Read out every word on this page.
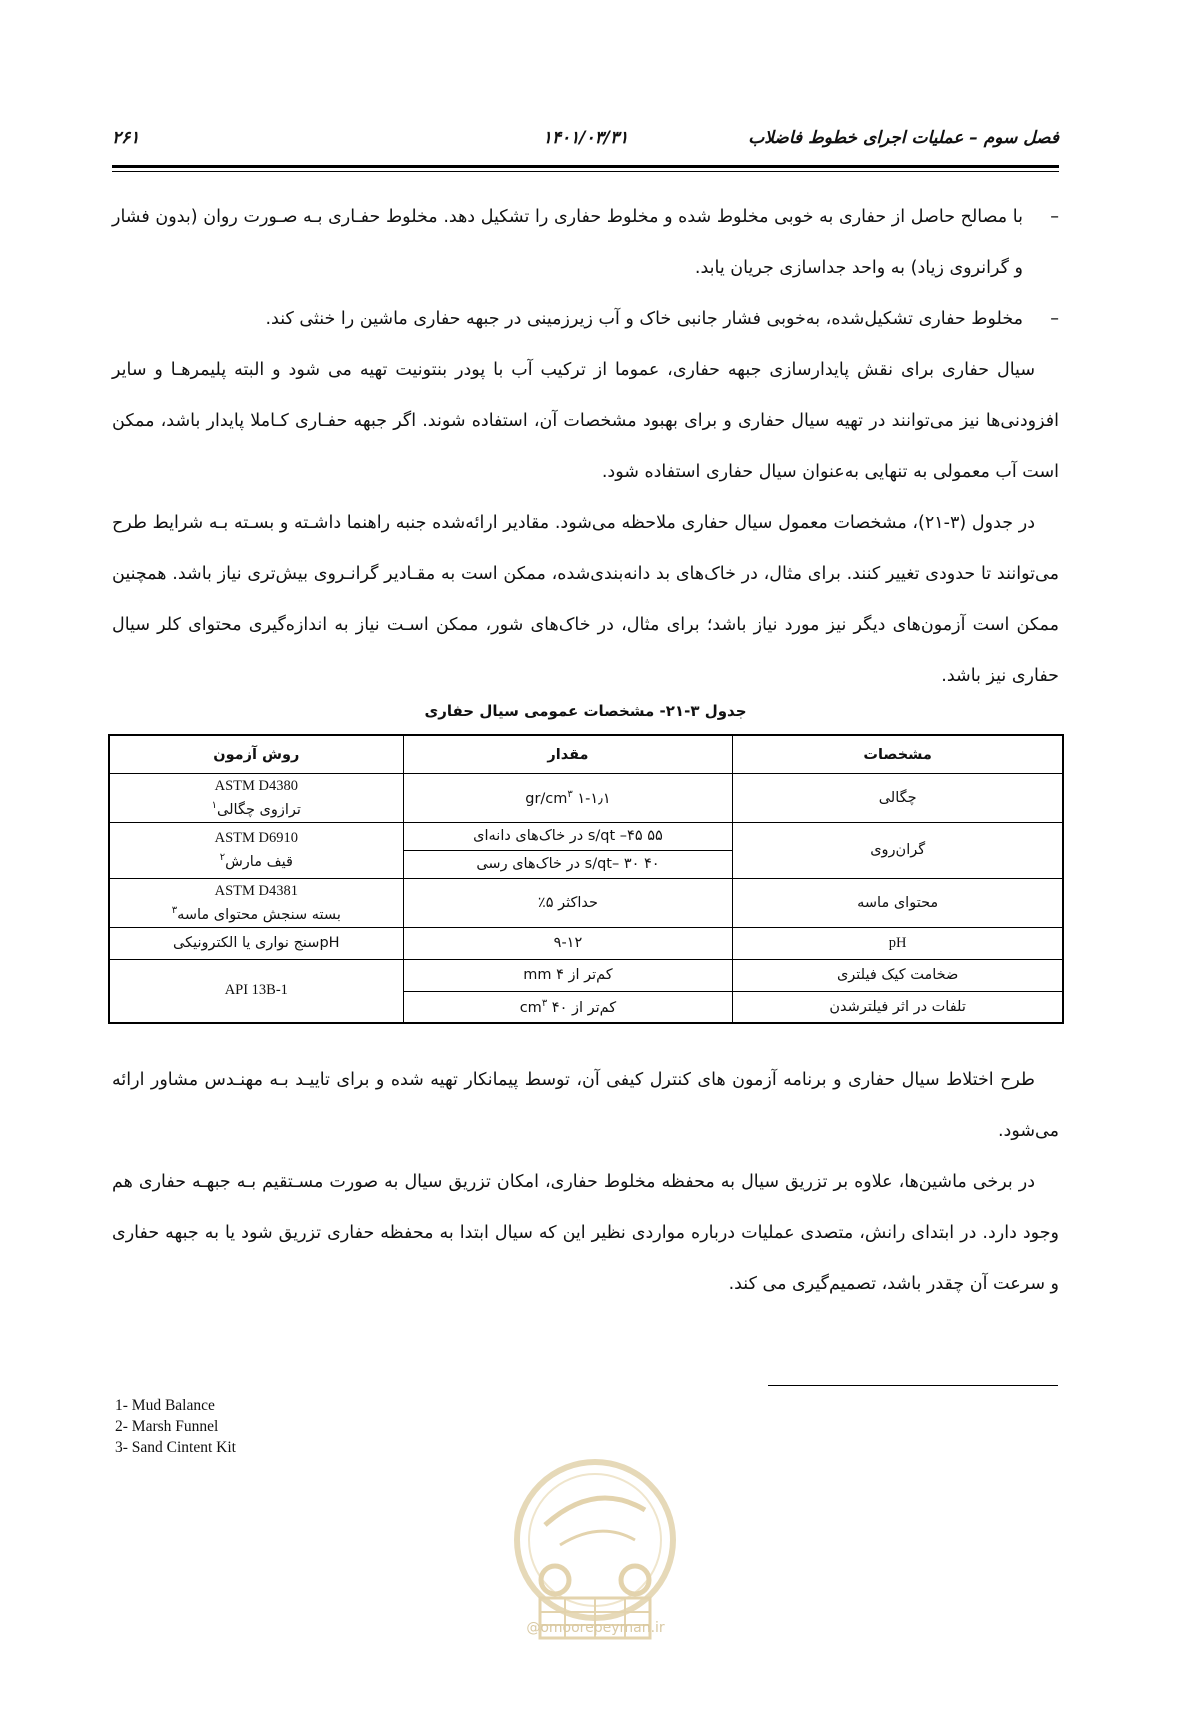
۲۶۱	۱۴۰۱/۰۳/۳۱	فصل سوم – عملیات اجرای خطوط فاضلاب

–
با مصالح حاصل از حفاری به خوبی مخلوط شده و مخلوط حفاری را تشکیل دهد. مخلوط حفـاری بـه صـورت روان (بدون فشار و گرانروی زیاد) به واحد جداسازی جریان یابد.

–
مخلوط حفاری تشکیل‌شده، به‌خوبی فشار جانبی خاک و آب زیرزمینی در جبهه حفاری ماشین را خنثی کند.

سیال حفاری برای نقش پایدارسازی جبهه حفاری، عموما از ترکیب آب با پودر بنتونیت تهیه می شود و البته پلیمرهـا و سایر افزودنی‌ها نیز می‌توانند در تهیه سیال حفاری و برای بهبود مشخصات آن، استفاده شوند. اگر جبهه حفـاری کـاملا پایدار باشد، ممکن است آب معمولی به تنهایی به‌عنوان سیال حفاری استفاده شود.

در جدول (۳-۲۱)، مشخصات معمول سیال حفاری ملاحظه می‌شود. مقادیر ارائه‌شده جنبه راهنما داشـته و بسـته بـه شرایط طرح می‌توانند تا حدودی تغییر کنند. برای مثال، در خاک‌های بد دانه‌بندی‌شده، ممکن است به مقـادیر گرانـروی بیش‌تری نیاز باشد. همچنین ممکن است آزمون‌های دیگر نیز مورد نیاز باشد؛ برای مثال، در خاک‌های شور، ممکن اسـت نیاز به اندازه‌گیری محتوای کلر سیال حفاری نیز باشد.

جدول ۳-۲۱- مشخصات عمومی سیال حفاری
مشخصات	مقدار	روش آزمون
چگالی	۱-۱٫۱ $gr/cm^۳$	ASTM D4380
ترازوی چگالی$^۱$

گران‌روی	۵۵ s/qt –۴۵ در خاک‌های دانه‌ای	ASTM D6910
قیف مارش$^۲$

	۴۰ s/qt– ۳۰ در خاک‌های رسی	
محتوای ماسه	حداکثر ۵٪	ASTM D4381
بسته سنجش محتوای ماسه$^۳$

pH	۹-۱۲	pHسنج نواری یا الکترونیکی
ضخامت کیک فیلتری	کم‌تر از mm ۴	API 13B-1
تلفات در اثر فیلترشدن	کم‌تر از $cm^۳$ ۴۰	

طرح اختلاط سیال حفاری و برنامه آزمون های کنترل کیفی آن، توسط پیمانکار تهیه شده و برای تاییـد بـه مهنـدس مشاور ارائه می‌شود.

در برخی ماشین‌ها، علاوه بر تزریق سیال به محفظه مخلوط حفاری، امکان تزریق سیال به صورت مسـتقیم بـه جبهـه حفاری هم وجود دارد. در ابتدای رانش، متصدی عملیات درباره مواردی نظیر این که سیال ابتدا به محفظه حفاری تزریق شود یا به جبهه حفاری و سرعت آن چقدر باشد، تصمیم‌گیری می کند.

1- Mud Balance
2- Marsh Funnel
3- Sand Cintent Kit
@omoorepeyman.ir
